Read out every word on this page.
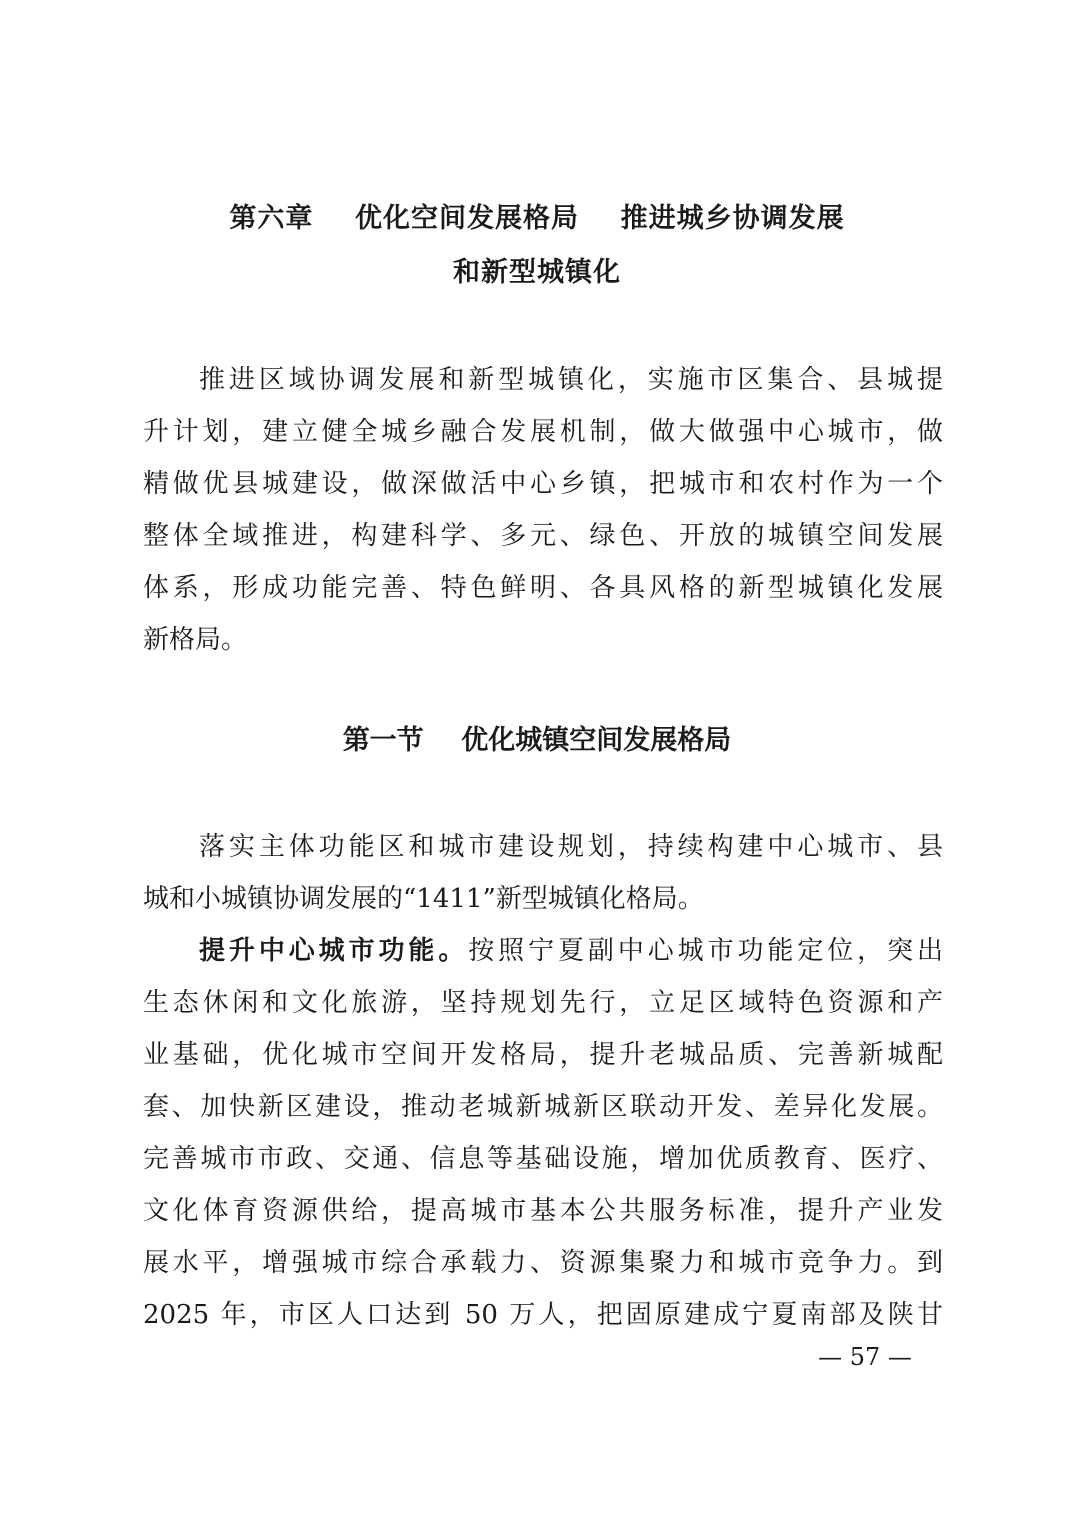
第六章    优化空间发展格局    推进城乡协调发展
和新型城镇化
推进区域协调发展和新型城镇化，实施市区集合、县城提
升计划，建立健全城乡融合发展机制，做大做强中心城市，做
精做优县城建设，做深做活中心乡镇，把城市和农村作为一个
整体全域推进，构建科学、多元、绿色、开放的城镇空间发展
体系，形成功能完善、特色鲜明、各具风格的新型城镇化发展
新格局。
第一节    优化城镇空间发展格局
落实主体功能区和城市建设规划，持续构建中心城市、县
城和小城镇协调发展的“1411”新型城镇化格局。
提升中心城市功能。按照宁夏副中心城市功能定位，突出
生态休闲和文化旅游，坚持规划先行，立足区域特色资源和产
业基础，优化城市空间开发格局，提升老城品质、完善新城配
套、加快新区建设，推动老城新城新区联动开发、差异化发展。
完善城市市政、交通、信息等基础设施，增加优质教育、医疗、
文化体育资源供给，提高城市基本公共服务标准，提升产业发
展水平，增强城市综合承载力、资源集聚力和城市竞争力。到
2025 年，市区人口达到 50 万人，把固原建成宁夏南部及陕甘
— 57 —
